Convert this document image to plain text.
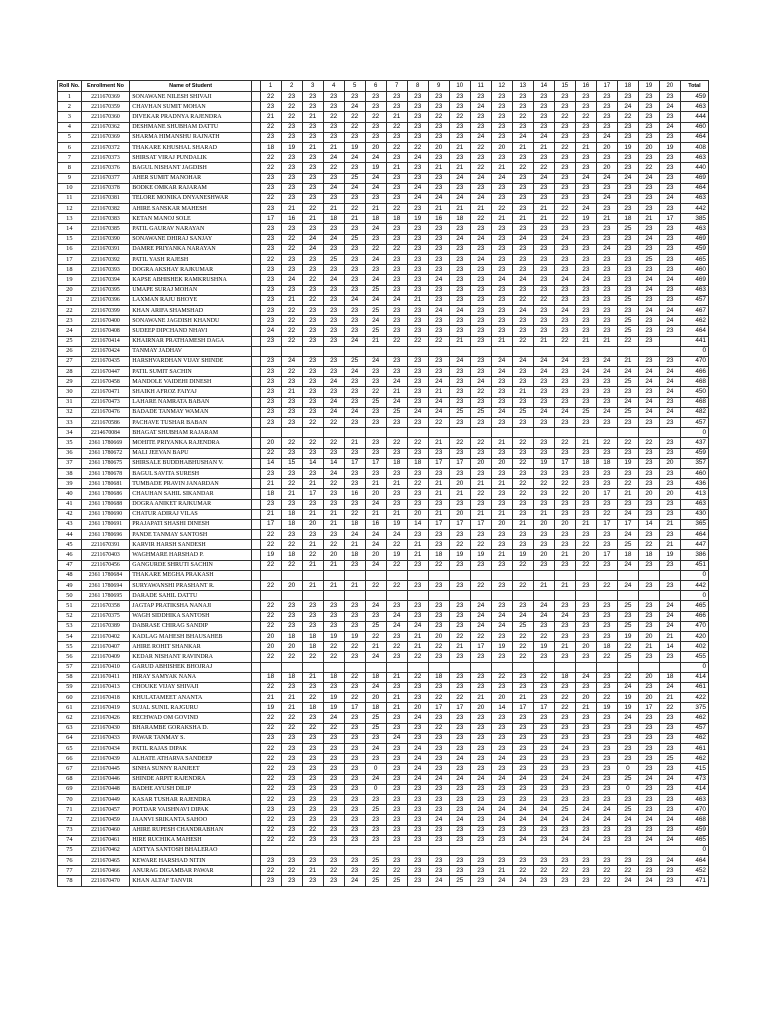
Roll No.	Enrollment No	Name of Student		1	2	3	4	5	6	7	8	9	10	11	12	13	14	15	16	17	18	19	20	Total
1	2211670369	SONAWANE NILESH SHIVAJI		22	23	23	23	23	23	23	23	23	23	23	23	23	23	23	23	23	23	23	23	459
2	2211670359	CHAVHAN SUMIT MOHAN		23	22	23	23	24	23	23	23	23	23	24	23	23	23	23	23	23	24	23	24	463
3	2211670360	DIVEKAR PRADNYA RAJENDRA		21	22	21	22	22	22	21	23	22	22	23	23	22	23	22	22	23	22	23	23	444
4	2211670362	DESHMANE SHUBHAM DATTU		22	23	23	23	22	23	22	23	23	23	23	23	23	23	23	23	23	23	23	24	460
5	2211670369	SHARMA HIMANSHU RAJNATH		23	23	23	23	23	23	23	23	23	23	24	23	24	24	23	23	24	23	23	23	464
6	2211670372	THAKARE KHUSHAL SHARAD		18	19	21	21	19	20	22	22	20	21	22	20	21	21	22	21	20	19	20	19	408
7	2211670373	SHIRSAT VIRAJ PUNDALIK		22	23	23	24	24	24	23	24	23	23	23	23	23	23	23	23	23	23	23	23	463
8	2211670376	BAGUL NISHANT JAGDISH		22	23	23	22	23	19	21	23	21	21	22	21	22	22	23	23	20	23	22	23	440
9	2211670377	AHER SUMIT MANOHAR		23	23	23	23	25	24	23	23	23	24	24	24	23	24	23	24	24	24	24	23	469
10	2211670378	BODKE OMKAR RAJARAM		23	23	23	24	24	24	23	24	23	23	23	23	23	23	23	23	23	23	23	23	464
11	2211670381	TELORE MONIKA DNYANESHWAR		22	23	23	23	23	23	23	24	24	24	24	23	23	23	23	23	24	23	23	24	463
12	2211670382	AHIRE SANSKAR MAHESH		23	21	22	21	22	21	22	23	21	21	21	22	23	21	22	24	23	23	23	23	442
13	2211670383	KETAN MANOJ SOLE		17	16	21	18	21	18	18	19	16	18	22	21	21	21	22	19	21	18	21	17	385
14	2211670385	PATIL GAURAV NARAYAN		23	23	23	23	23	24	23	23	23	23	23	23	23	23	23	23	23	25	23	23	463
15	2211670390	SONAWANE DHIRAJ SANJAY		23	22	24	24	25	23	23	23	23	24	24	23	24	23	24	23	23	23	24	23	469
16	2211670391	DAMRE PRIYANKA NARAYAN		23	22	24	23	23	22	22	23	23	23	23	23	23	23	23	23	24	23	23	23	459
17	2211670392	PATIL YASH RAJESH		22	23	23	25	23	24	23	23	23	23	24	23	23	23	23	23	23	23	25	23	465
18	2211670393	DOGRA AKSHAY RAJKUMAR		23	23	23	23	23	23	23	23	23	23	23	23	23	23	23	23	23	23	23	23	460
19	2211670394	KAPSE ABHISHEK RAMKRUSHNA		23	24	22	24	23	24	23	23	24	23	23	24	24	23	24	24	23	23	24	24	469
20	2211670395	UMAPE SURAJ MOHAN		23	23	23	23	23	25	23	23	23	23	23	23	23	23	23	23	23	23	24	23	463
21	2211670396	LAXMAN RAJU BHOYE		23	21	22	23	24	24	24	21	23	23	23	23	22	22	23	23	23	25	23	23	457
22	2211670399	KHAN ARIFA SHAMSHAD		23	22	23	23	23	25	23	23	24	24	23	23	24	23	24	23	23	23	24	24	467
23	2211670400	SONAWANE JAGDISH KHANDU		23	22	23	23	23	24	23	23	23	23	23	23	23	23	23	23	23	25	23	24	462
24	2211670408	SUDEEP DIPCHAND NHAVI		24	22	23	23	23	25	23	23	23	23	23	23	23	23	23	23	23	25	23	23	464
25	2211670414	KHAIRNAR PRATHAMESH DAGA		23	22	23	23	24	21	22	22	22	21	23	21	22	21	22	21	21	22	23		441
26	2211670424	TANMAY JADHAV																						0
27	2211670435	HARSHVARDHAN VIJAY SHINDE		23	24	23	23	25	24	23	23	23	24	23	24	24	24	24	23	24	21	23	23	470
28	2211670447	PATIL SUMIT SACHIN		23	22	23	23	24	23	23	23	23	23	23	24	23	24	23	24	24	24	24	24	466
29	2211670458	MANDOLE VAIDEHI DINESH		23	23	23	24	23	23	24	23	24	23	24	23	23	23	23	23	23	25	24	24	468
30	2211670471	SHAIKH AFROZ FAIYAJ		23	21	23	23	23	22	21	23	21	23	22	23	21	23	23	23	23	23	23	24	450
31	2211670473	LAHARE NAMRATA BABAN		23	23	23	24	23	25	24	23	24	23	23	23	23	23	23	23	23	24	24	23	468
32	2211670476	BADADE TANMAY WAMAN		23	23	23	24	24	23	25	24	24	25	25	24	25	24	24	25	24	25	24	24	482
33	2211670586	PACHAVE TUSHAR BABAN		23	23	22	22	23	23	23	23	22	23	23	23	23	23	23	23	23	23	23	23	457
34	2214670084	BHAGAT SHUBHAM RAJARAM																						0
35	2361 1780669	MOHITE PRIYANKA RAJENDRA		20	22	22	22	21	23	22	22	21	22	22	21	22	23	22	21	22	22	22	23	437
36	2361 1780672	MALI JEEVAN BAPU		22	23	23	23	23	23	23	23	23	23	23	23	23	23	23	23	23	23	23	23	459
37	2361 1780675	SHIRSALE BUDDHABHUSHAN V.		14	15	14	14	17	17	18	18	17	17	20	20	22	19	17	18	18	19	23	20	357
38	2361 1780678	BAGUL SAVITA SURESH		23	23	23	24	23	23	23	23	23	23	23	23	23	23	23	23	23	23	23	23	460
39	2361 1780681	TUMBADE PRAVIN JANARDAN		21	22	21	22	23	21	21	22	21	20	21	21	22	22	22	23	23	22	23	23	436
40	2361 1780686	CHAUHAN SAHIL SIKANDAR		18	21	17	23	16	20	23	23	21	21	22	23	22	23	22	20	17	21	20	20	413
41	2361 1780688	DOGRA ANIKET RAJKUMAR		23	23	23	23	23	24	23	23	23	23	23	23	23	23	23	23	23	23	23	23	463
42	2361 1780690	CHATUR ADIRAJ VILAS		21	18	21	21	22	21	21	20	21	20	21	21	23	21	23	23	22	24	23	23	430
43	2361 1780691	PRAJAPATI SHASHI DINESH		17	18	20	21	18	16	19	14	17	17	17	20	21	20	20	21	17	17	14	21	365
44	2361 1780696	PANDE TANMAY SANTOSH		22	23	23	23	24	24	24	23	23	23	23	23	23	23	23	23	23	24	23	23	464
45	2211670391	KARVIR HARSH SANDESH		22	22	21	22	21	24	22	21	23	22	22	23	23	23	23	22	23	25	22	21	447
46	2211670403	WAGHMARE HARSHAD P.		19	18	22	20	18	20	19	21	18	19	19	21	19	20	21	20	17	18	18	19	386
47	2211670456	GANGURDE SHRUTI SACHIN		22	22	21	21	23	24	22	23	22	23	23	23	22	23	23	22	23	24	23	23	451
48	2361 1780684	THAKARE MEGHA PRAKASH																						0
49	2361 1780694	SURYAWANSHI PRASHANT R.		22	20	21	21	21	22	22	23	23	23	22	23	22	21	21	23	22	24	23	23	442
50	2361 1780695	DARADE SAHIL DATTU																						0
51	2211670358	JAGTAP PRATIKSHA NANAJI		22	23	23	23	23	24	23	23	23	23	24	23	23	24	23	23	23	25	23	24	465
52	2211670375	WAGH SIDDHIKA SANTOSH		22	23	23	23	23	23	24	23	23	23	24	24	24	24	24	23	23	23	23	24	466
53	2211670389	DABRASE CHIRAG SANDIP		22	23	23	23	23	25	24	24	23	23	24	24	25	23	23	23	23	25	23	24	470
54	2211670402	KADLAG MAHESH BHAUSAHEB		20	18	18	19	19	22	23	21	20	22	22	23	22	22	23	23	23	19	20	21	420
55	2211670407	AHIRE ROHIT SHANKAR		20	20	18	22	22	21	22	21	22	21	17	19	22	19	21	20	18	22	21	14	402
56	2211670409	KEDAR NISHANT RAVINDRA		22	22	22	22	23	24	23	22	23	23	23	23	22	23	23	23	22	25	23	23	455
57	2211670410	GARUD ABHISHEK BHOJRAJ																						0
58	2211670411	HIRAY SAMYAK NANA		18	18	21	18	22	18	21	22	18	23	23	22	23	22	18	24	23	22	20	18	414
59	2211670413	CHOUKE VIJAY SHIVAJI		22	23	23	23	23	24	23	23	23	23	23	23	23	23	23	23	23	24	23	24	461
60	2211670418	KHULATAMEET ANANTA		21	21	22	19	22	20	21	23	22	22	21	20	21	23	22	20	22	19	20	21	422
61	2211670419	SUJAL SUNIL RAJGURU		19	21	18	19	17	18	21	20	17	17	20	14	17	17	22	21	19	19	17	22	375
62	2211670426	RECHWAD OM GOVIND		22	22	23	24	23	25	23	24	23	23	23	23	23	23	23	23	23	24	23	23	462
63	2211670430	BHARAMBE GORAKSHA D.		22	22	22	22	23	25	23	23	22	23	23	23	23	23	23	23	23	23	23	23	457
64	2211670433	PAWAR TANMAY S.		23	23	23	23	23	23	24	23	23	23	23	23	23	23	23	23	23	23	23	23	462
65	2211670434	PATIL RAJAS DIPAK		22	23	23	23	23	24	23	24	23	23	23	23	23	23	24	23	23	23	23	23	461
66	2211670439	ALHATE ATHARVA SANDEEP		22	23	23	23	23	23	23	24	23	24	23	24	23	23	23	23	23	23	23	25	462
67	2211670445	SINHA SUNNY RANJEET		22	23	23	23	23	0	23	24	23	23	23	23	23	23	23	23	23	0	23	23	415
68	2211670446	SHINDE ARPIT RAJENDRA		22	23	23	23	23	24	23	24	24	24	24	24	24	23	24	24	23	25	24	24	473
69	2211670448	BADHE AYUSH DILIP		22	23	23	23	23	0	23	23	23	23	23	23	23	23	23	23	23	0	23	23	414
70	2211670449	KASAR TUSHAR RAJENDRA		22	23	23	23	23	23	23	23	23	23	23	23	23	23	23	23	23	23	23	23	463
71	2211670457	POTDAR VAISHNAVI DIPAK		23	23	23	23	23	25	23	23	23	23	24	24	24	24	25	24	24	25	23	23	470
72	2211670459	JAANVI SRIKANTA SAHOO		22	23	23	23	23	23	23	23	24	24	23	24	24	24	24	24	24	24	24	24	468
73	2211670460	AHIRE RUPESH CHANDRABHAN		22	23	22	23	23	23	23	23	23	23	23	23	23	23	23	23	23	23	23	23	459
74	2211670461	HIRE RUCHIKA MAHESH		22	22	23	23	23	23	23	23	23	23	23	23	24	23	24	24	23	23	24	24	465
75	2211670462	ADITYA SANTOSH BHALERAO																						0
76	2211670465	KEWARE HARSHAD NITIN		23	23	23	23	23	25	23	23	23	23	23	23	23	23	23	23	23	23	23	24	464
77	2211670466	ANURAG DIGAMBAR PAWAR		22	22	21	22	23	22	22	23	23	23	23	21	22	22	22	23	22	22	23	23	452
78	2211670470	KHAN ALTAF TANVIR		23	23	23	23	24	25	25	23	24	25	23	24	24	23	23	23	22	24	24	23	471
